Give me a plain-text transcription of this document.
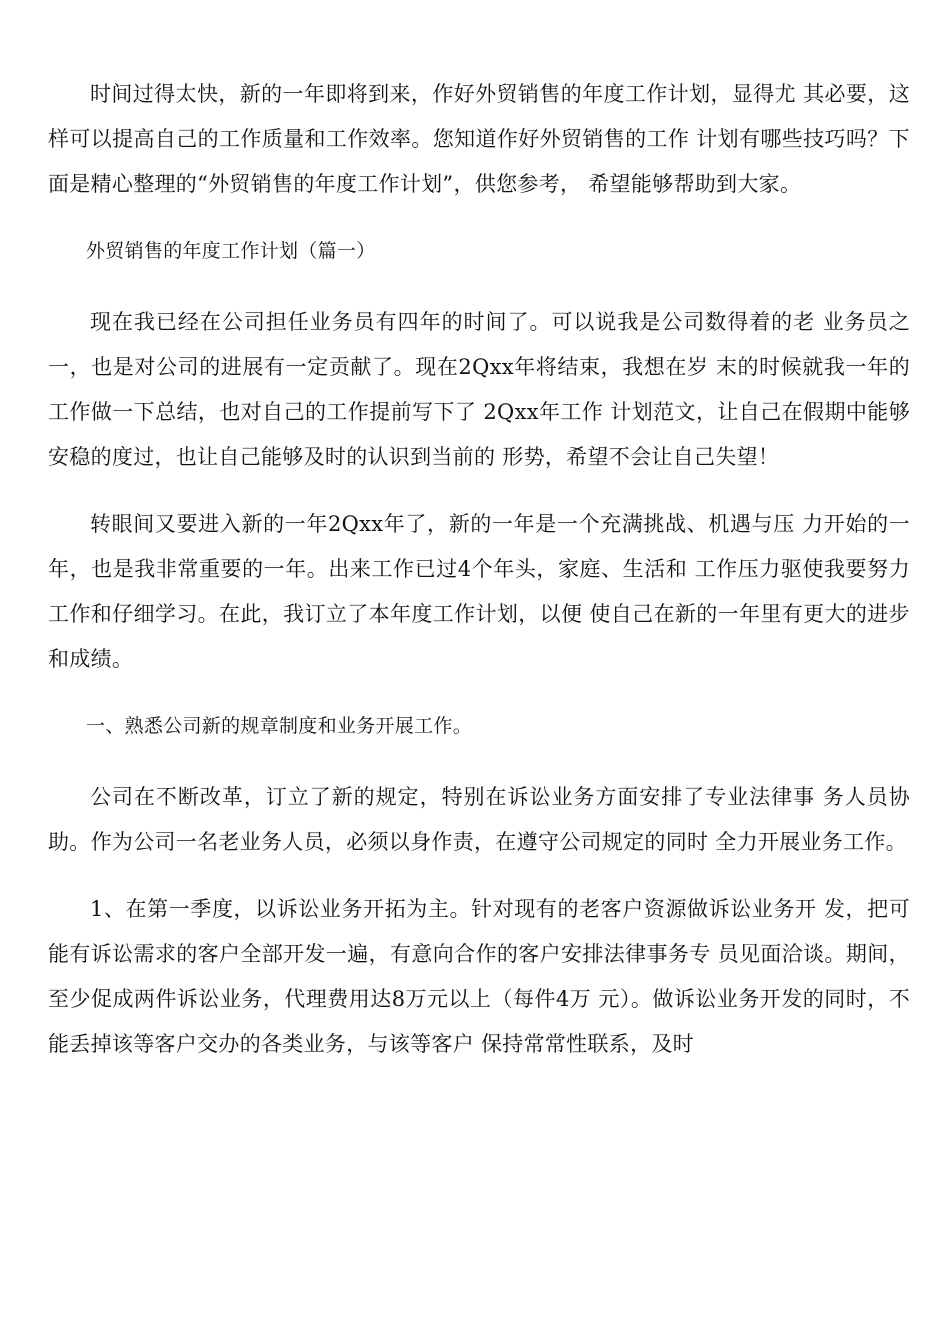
时间过得太快，新的一年即将到来，作好外贸销售的年度工作计划，显得尤 其必要，这样可以提高自己的工作质量和工作效率。您知道作好外贸销售的工作 计划有哪些技巧吗？下面是精心整理的“外贸销售的年度工作计划”，供您参考， 希望能够帮助到大家。

外贸销售的年度工作计划（篇一）

现在我已经在公司担任业务员有四年的时间了。可以说我是公司数得着的老 业务员之一，也是对公司的进展有一定贡献了。现在2Qxx年将结束，我想在岁 末的时候就我一年的工作做一下总结，也对自己的工作提前写下了 2Qxx年工作 计划范文，让自己在假期中能够安稳的度过，也让自己能够及时的认识到当前的 形势，希望不会让自己失望！

转眼间又要进入新的一年2Qxx年了，新的一年是一个充满挑战、机遇与压 力开始的一年，也是我非常重要的一年。出来工作已过4个年头，家庭、生活和 工作压力驱使我要努力工作和仔细学习。在此，我订立了本年度工作计划，以便 使自己在新的一年里有更大的进步和成绩。

一、熟悉公司新的规章制度和业务开展工作。

公司在不断改革，订立了新的规定，特别在诉讼业务方面安排了专业法律事 务人员协助。作为公司一名老业务人员，必须以身作责，在遵守公司规定的同时 全力开展业务工作。

1、在第一季度，以诉讼业务开拓为主。针对现有的老客户资源做诉讼业务开 发，把可能有诉讼需求的客户全部开发一遍，有意向合作的客户安排法律事务专 员见面洽谈。期间，至少促成两件诉讼业务，代理费用达8万元以上（每件4万 元）。做诉讼业务开发的同时，不能丢掉该等客户交办的各类业务，与该等客户 保持常常性联系，及时
